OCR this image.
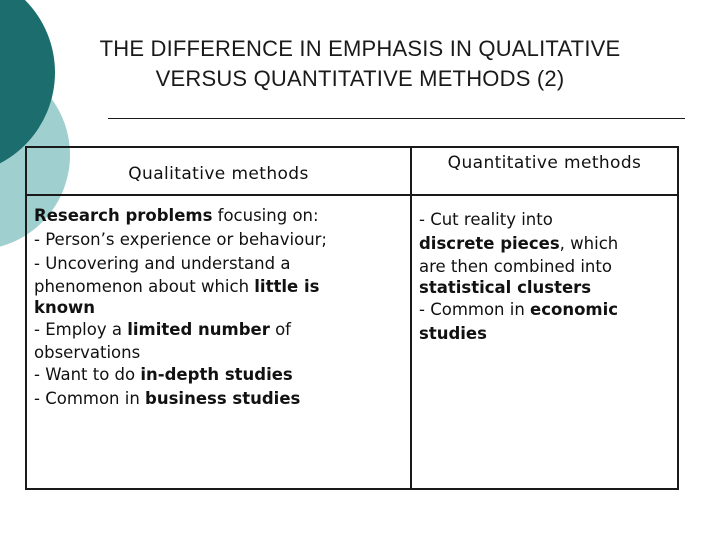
THE DIFFERENCE IN EMPHASIS IN QUALITATIVE
VERSUS QUANTITATIVE METHODS (2)
Qualitative methods
Quantitative methods
Research problems focusing on:
- Person’s experience or behaviour;
- Uncovering and understand a
phenomenon about which little is
known
- Employ a limited number of
observations
- Want to do in-depth studies
- Common in business studies
- Cut reality into
discrete pieces, which
are then combined into
statistical clusters
- Common in economic
studies
